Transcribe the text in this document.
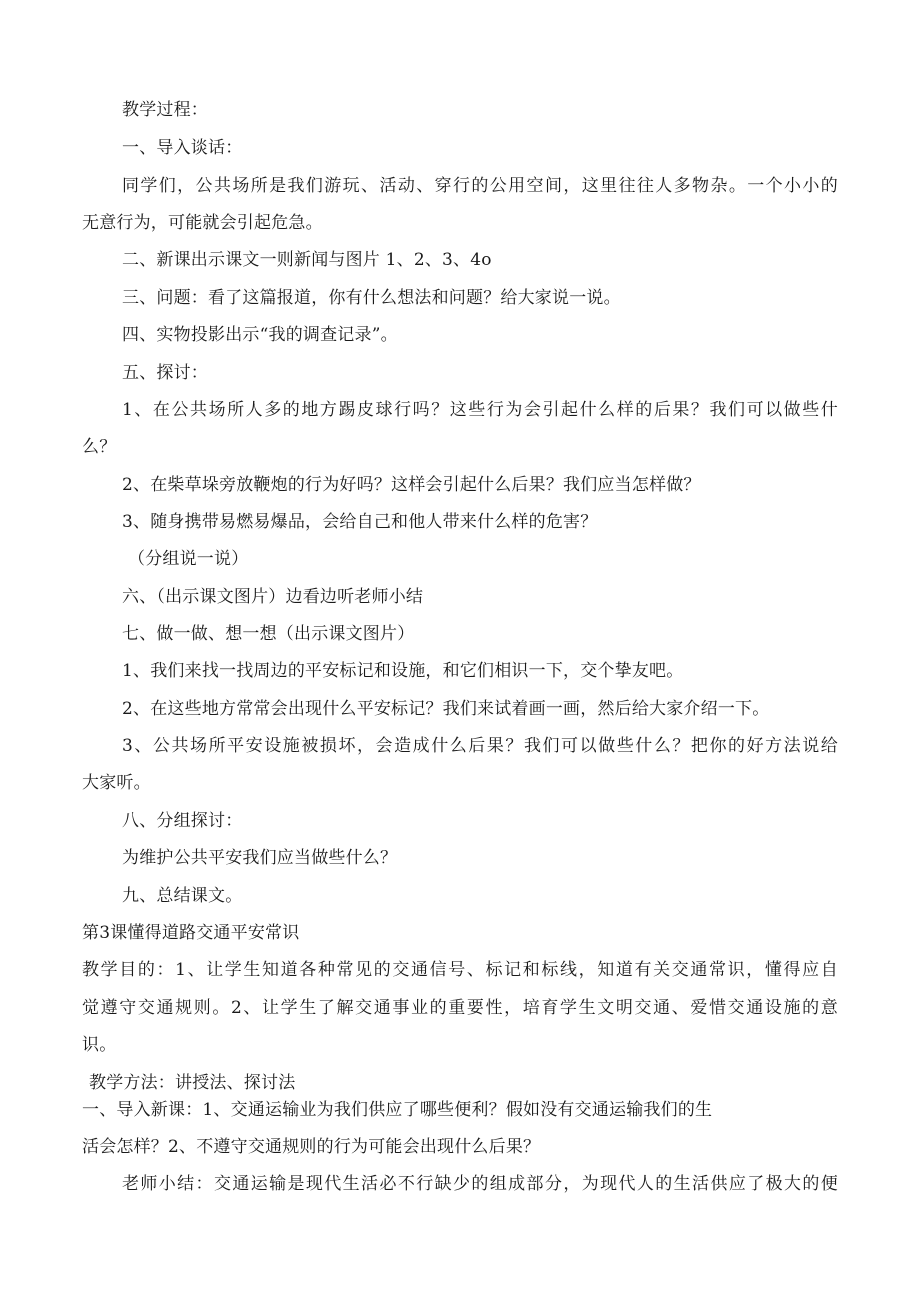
教学过程：
一、导入谈话：
同学们，公共场所是我们游玩、活动、穿行的公用空间，这里往往人多物杂。一个小小的
无意行为，可能就会引起危急。
二、新课出示课文一则新闻与图片 1、2、3、4o
三、问题：看了这篇报道，你有什么想法和问题？给大家说一说。
四、实物投影出示“我的调查记录”。
五、探讨：
1、在公共场所人多的地方踢皮球行吗？这些行为会引起什么样的后果？我们可以做些什
么？
2、在柴草垛旁放鞭炮的行为好吗？这样会引起什么后果？我们应当怎样做？
3、随身携带易燃易爆品，会给自己和他人带来什么样的危害？
（分组说一说）
六、（出示课文图片）边看边听老师小结
七、做一做、想一想（出示课文图片）
1、我们来找一找周边的平安标记和设施，和它们相识一下，交个挚友吧。
2、在这些地方常常会出现什么平安标记？我们来试着画一画，然后给大家介绍一下。
3、公共场所平安设施被损坏，会造成什么后果？我们可以做些什么？把你的好方法说给
大家听。
八、分组探讨：
为维护公共平安我们应当做些什么？
九、总结课文。
第3课懂得道路交通平安常识
教学目的：1、让学生知道各种常见的交通信号、标记和标线，知道有关交通常识，懂得应自
觉遵守交通规则。2、让学生了解交通事业的重要性，培育学生文明交通、爱惜交通设施的意
识。
教学方法：讲授法、探讨法
一、导入新课：1、交通运输业为我们供应了哪些便利？假如没有交通运输我们的生
活会怎样？2、不遵守交通规则的行为可能会出现什么后果？
老师小结：交通运输是现代生活必不行缺少的组成部分，为现代人的生活供应了极大的便
